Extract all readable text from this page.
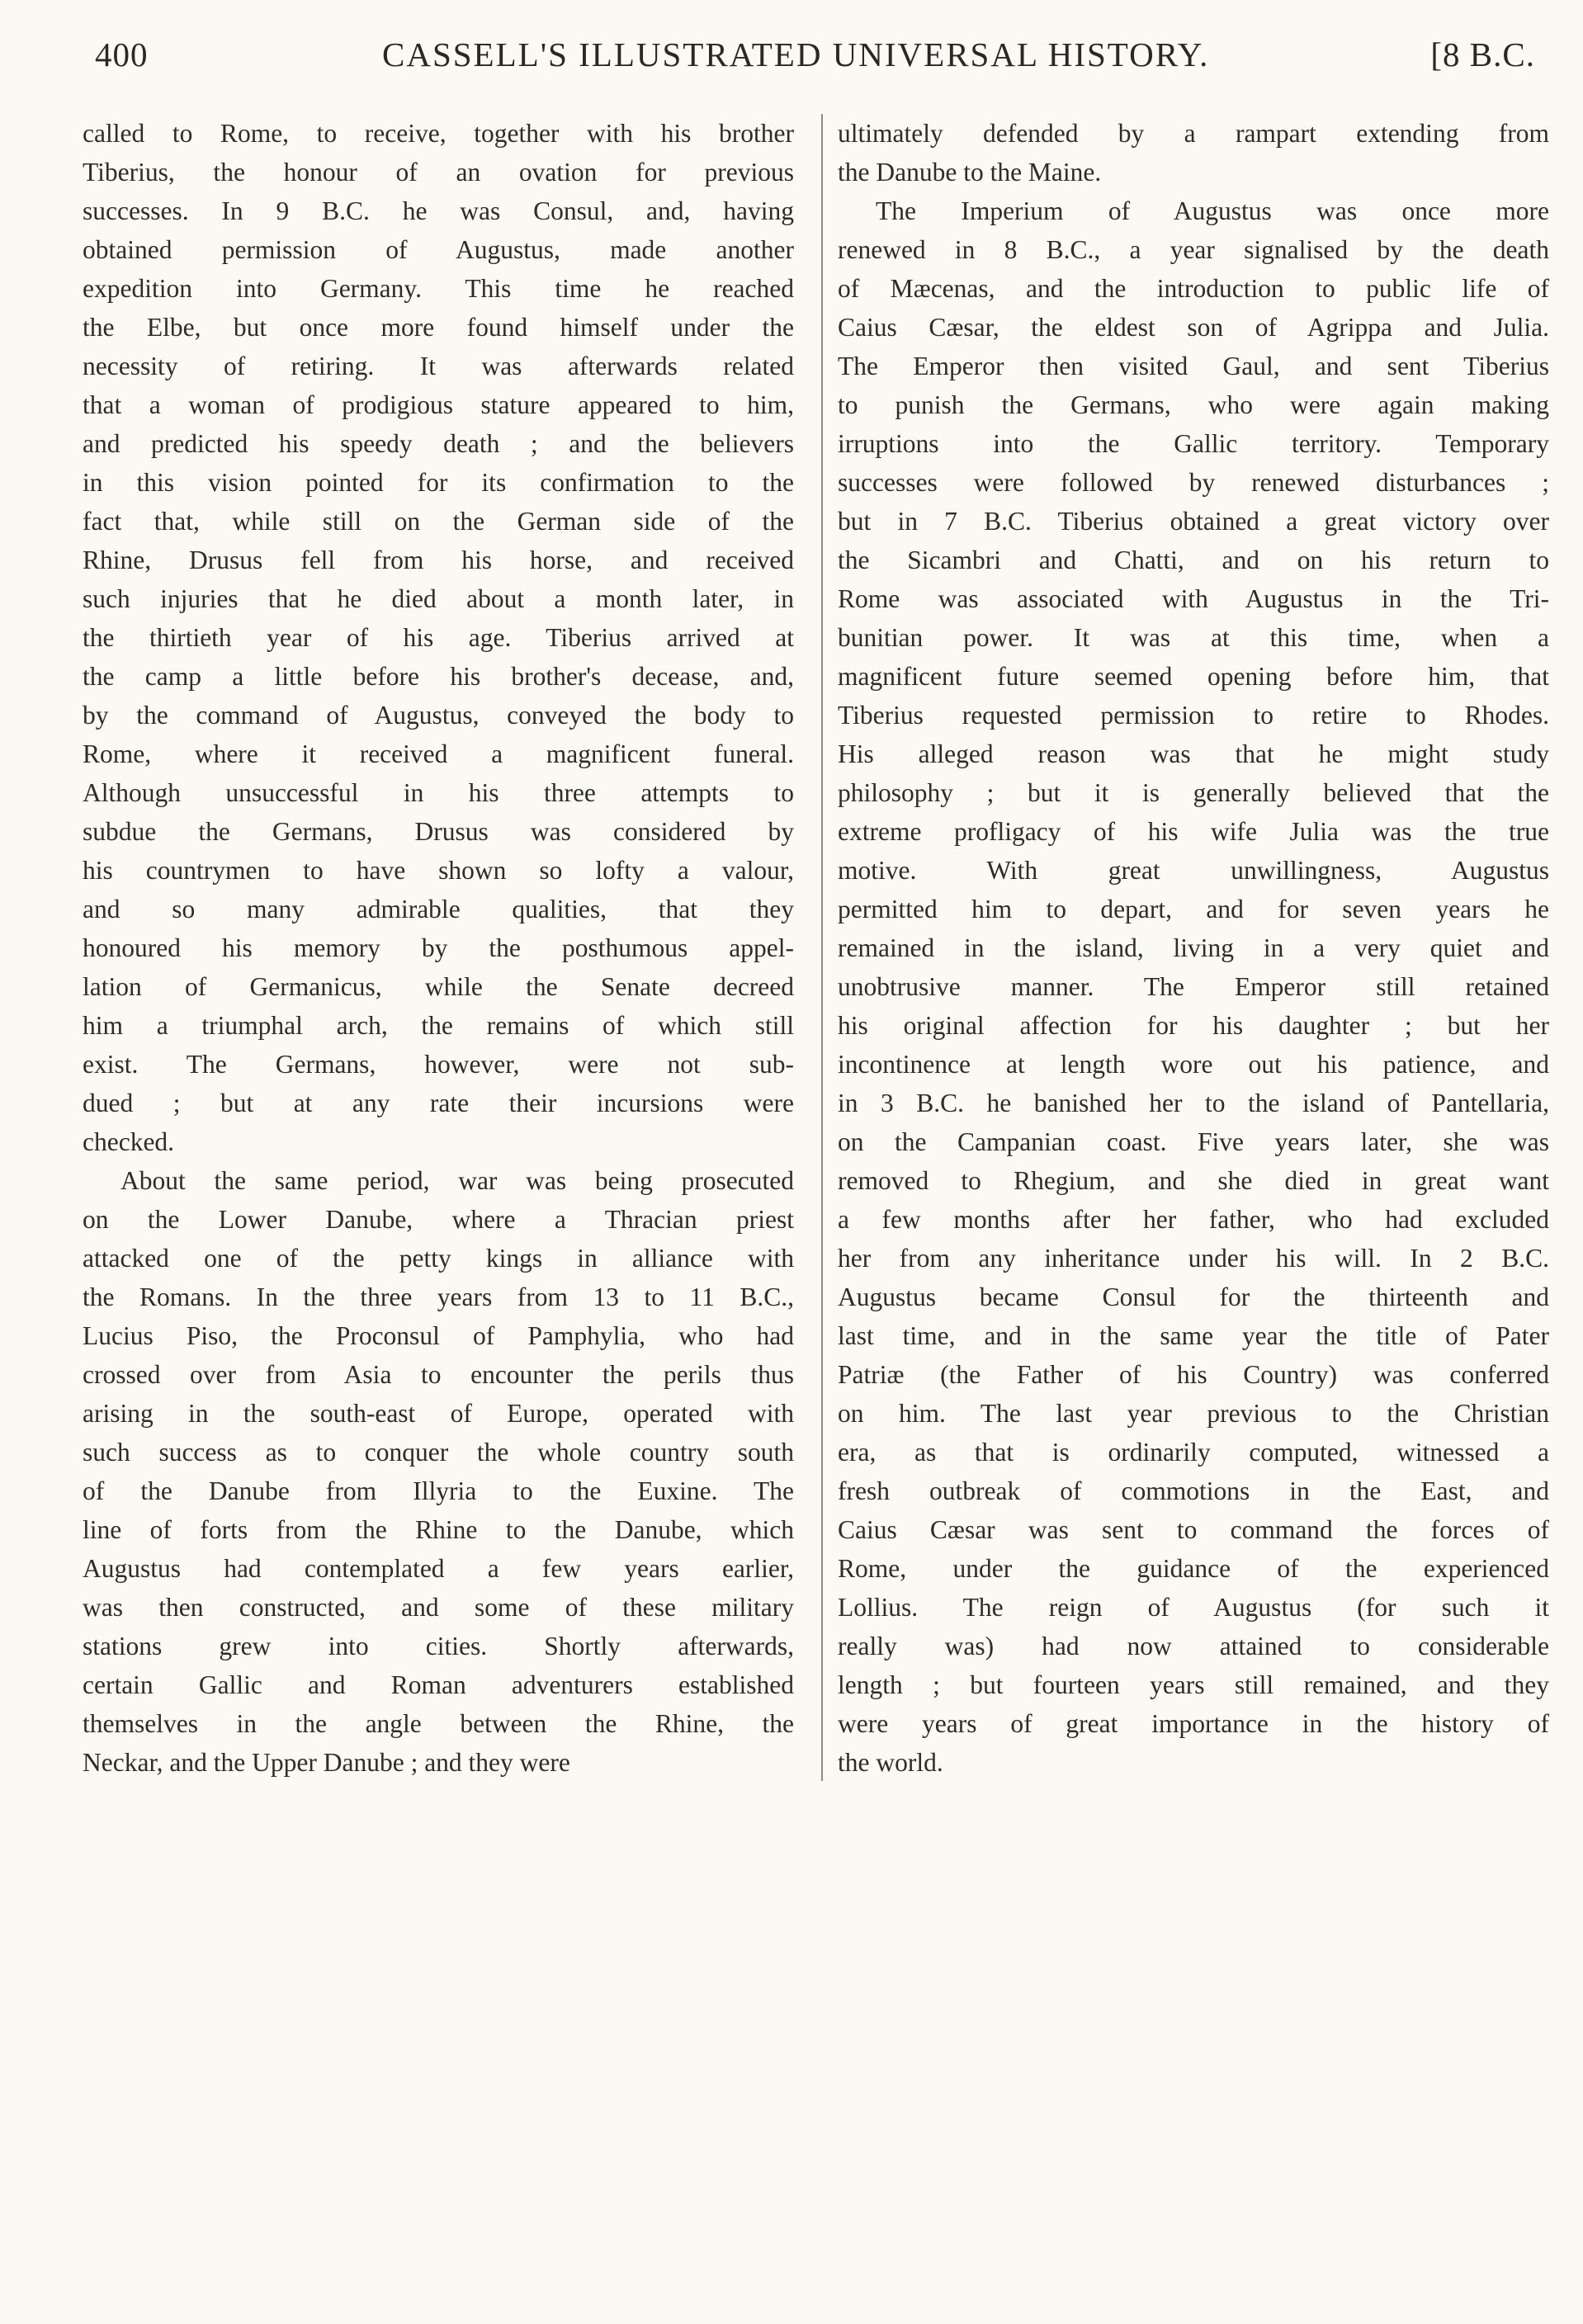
400	CASSELL'S ILLUSTRATED UNIVERSAL HISTORY.	[8 B.C.
called to Rome, to receive, together with his brother
Tiberius, the honour of an ovation for previous
successes. In 9 B.C. he was Consul, and, having
obtained permission of Augustus, made another
expedition into Germany. This time he reached
the Elbe, but once more found himself under the
necessity of retiring. It was afterwards related
that a woman of prodigious stature appeared to him,
and predicted his speedy death ; and the believers
in this vision pointed for its confirmation to the
fact that, while still on the German side of the
Rhine, Drusus fell from his horse, and received
such injuries that he died about a month later, in
the thirtieth year of his age. Tiberius arrived at
the camp a little before his brother's decease, and,
by the command of Augustus, conveyed the body to
Rome, where it received a magnificent funeral.
Although unsuccessful in his three attempts to
subdue the Germans, Drusus was considered by
his countrymen to have shown so lofty a valour,
and so many admirable qualities, that they
honoured his memory by the posthumous appel-
lation of Germanicus, while the Senate decreed
him a triumphal arch, the remains of which still
exist. The Germans, however, were not sub-
dued ; but at any rate their incursions were
checked.
About the same period, war was being prosecuted
on the Lower Danube, where a Thracian priest
attacked one of the petty kings in alliance with
the Romans. In the three years from 13 to 11 B.C.,
Lucius Piso, the Proconsul of Pamphylia, who had
crossed over from Asia to encounter the perils thus
arising in the south-east of Europe, operated with
such success as to conquer the whole country south
of the Danube from Illyria to the Euxine. The
line of forts from the Rhine to the Danube, which
Augustus had contemplated a few years earlier,
was then constructed, and some of these military
stations grew into cities. Shortly afterwards,
certain Gallic and Roman adventurers established
themselves in the angle between the Rhine, the
Neckar, and the Upper Danube ; and they were
ultimately defended by a rampart extending from
the Danube to the Maine.
The Imperium of Augustus was once more
renewed in 8 B.C., a year signalised by the death
of Mæcenas, and the introduction to public life of
Caius Cæsar, the eldest son of Agrippa and Julia.
The Emperor then visited Gaul, and sent Tiberius
to punish the Germans, who were again making
irruptions into the Gallic territory. Temporary
successes were followed by renewed disturbances ;
but in 7 B.C. Tiberius obtained a great victory over
the Sicambri and Chatti, and on his return to
Rome was associated with Augustus in the Tri-
bunitian power. It was at this time, when a
magnificent future seemed opening before him, that
Tiberius requested permission to retire to Rhodes.
His alleged reason was that he might study
philosophy ; but it is generally believed that the
extreme profligacy of his wife Julia was the true
motive. With great unwillingness, Augustus
permitted him to depart, and for seven years he
remained in the island, living in a very quiet and
unobtrusive manner. The Emperor still retained
his original affection for his daughter ; but her
incontinence at length wore out his patience, and
in 3 B.C. he banished her to the island of Pantellaria,
on the Campanian coast. Five years later, she was
removed to Rhegium, and she died in great want
a few months after her father, who had excluded
her from any inheritance under his will. In 2 B.C.
Augustus became Consul for the thirteenth and
last time, and in the same year the title of Pater
Patriæ (the Father of his Country) was conferred
on him. The last year previous to the Christian
era, as that is ordinarily computed, witnessed a
fresh outbreak of commotions in the East, and
Caius Cæsar was sent to command the forces of
Rome, under the guidance of the experienced
Lollius. The reign of Augustus (for such it
really was) had now attained to considerable
length ; but fourteen years still remained, and they
were years of great importance in the history of
the world.
